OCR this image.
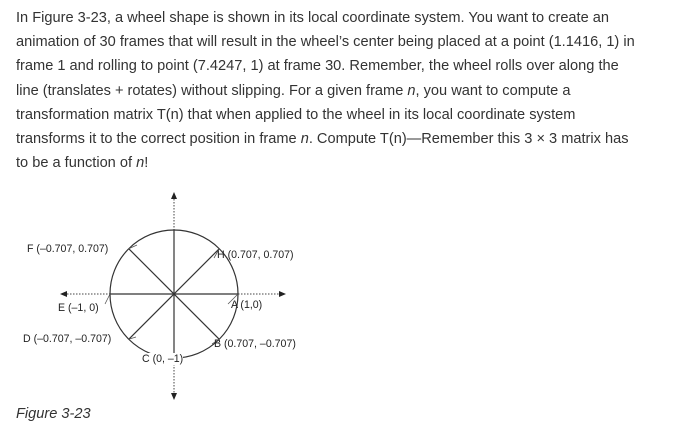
In Figure 3-23, a wheel shape is shown in its local coordinate system. You want to create an
animation of 30 frames that will result in the wheel’s center being placed at a point (1.1416, 1) in
frame 1 and rolling to point (7.4247, 1) at frame 30. Remember, the wheel rolls over along the
line (translates + rotates) without slipping. For a given frame n, you want to compute a
transformation matrix T(n) that when applied to the wheel in its local coordinate system
transforms it to the correct position in frame n. Compute T(n)—Remember this 3 × 3 matrix has
to be a function of n!

F (–0.707, 0.707)	H (0.707, 0.707)
E (–1, 0)	A (1,0)
D (–0.707, –0.707)	B (0.707, –0.707)
C (0, –1)

Figure 3-23
